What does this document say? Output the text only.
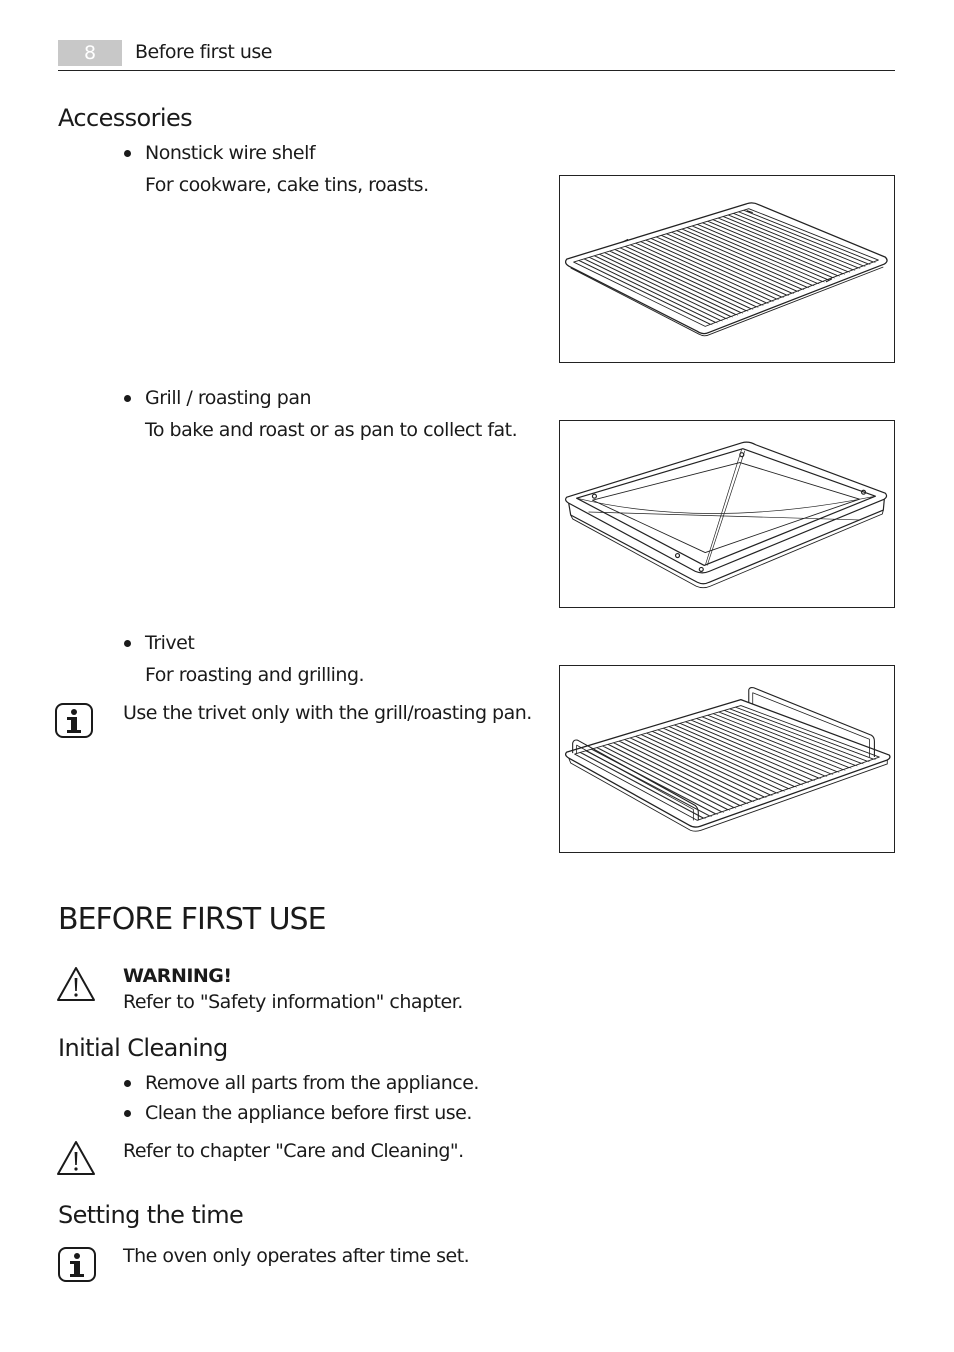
8	Before first use
Accessories
Nonstick wire shelf
For cookware, cake tins, roasts.
Grill / roasting pan
To bake and roast or as pan to collect fat.
Trivet
For roasting and grilling.
Use the trivet only with the grill/roasting pan.
BEFORE FIRST USE
WARNING!
Refer to "Safety information" chapter.
Initial Cleaning
Remove all parts from the appliance.
Clean the appliance before first use.
Refer to chapter "Care and Cleaning".
Setting the time
The oven only operates after time set.
